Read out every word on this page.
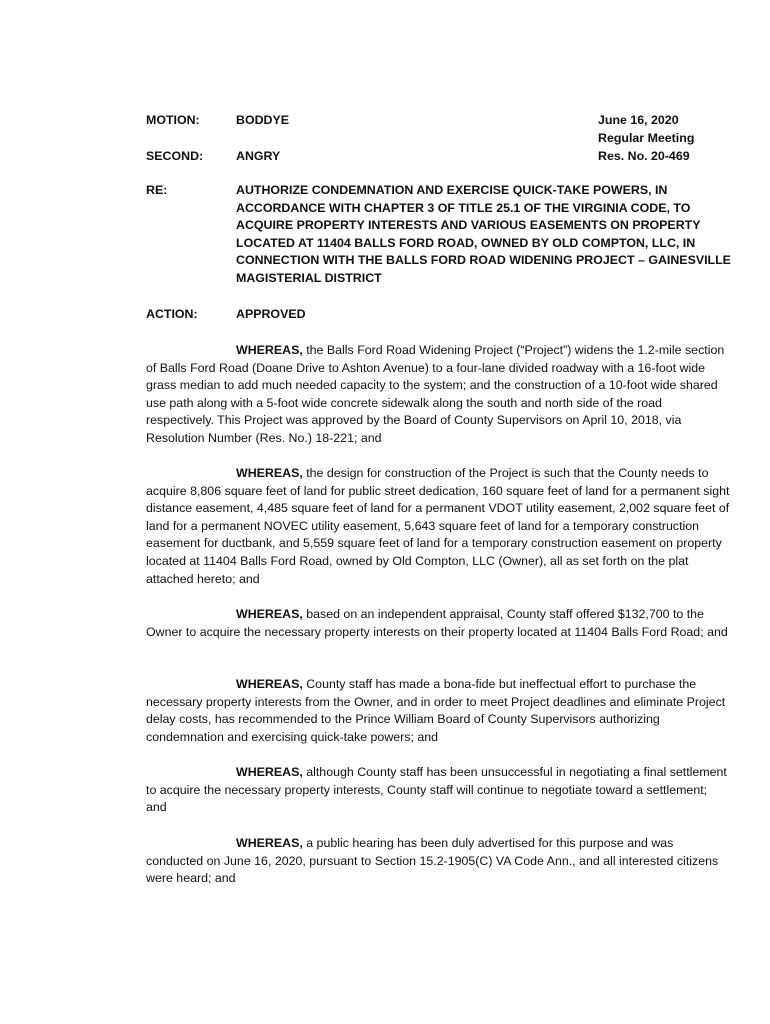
MOTION:	BODDYE	June 16, 2020
Regular Meeting
SECOND:	ANGRY	Res. No. 20-469
RE:	AUTHORIZE CONDEMNATION AND EXERCISE QUICK-TAKE POWERS, IN ACCORDANCE WITH CHAPTER 3 OF TITLE 25.1 OF THE VIRGINIA CODE, TO ACQUIRE PROPERTY INTERESTS AND VARIOUS EASEMENTS ON PROPERTY LOCATED AT 11404 BALLS FORD ROAD, OWNED BY OLD COMPTON, LLC, IN CONNECTION WITH THE BALLS FORD ROAD WIDENING PROJECT – GAINESVILLE MAGISTERIAL DISTRICT
ACTION:	APPROVED
WHEREAS, the Balls Ford Road Widening Project (“Project”) widens the 1.2-mile section of Balls Ford Road (Doane Drive to Ashton Avenue) to a four-lane divided roadway with a 16-foot wide grass median to add much needed capacity to the system; and the construction of a 10-foot wide shared use path along with a 5-foot wide concrete sidewalk along the south and north side of the road respectively. This Project was approved by the Board of County Supervisors on April 10, 2018, via Resolution Number (Res. No.) 18-221; and
WHEREAS, the design for construction of the Project is such that the County needs to acquire 8,806 square feet of land for public street dedication, 160 square feet of land for a permanent sight distance easement, 4,485 square feet of land for a permanent VDOT utility easement, 2,002 square feet of land for a permanent NOVEC utility easement, 5,643 square feet of land for a temporary construction easement for ductbank, and 5,559 square feet of land for a temporary construction easement on property located at 11404 Balls Ford Road, owned by Old Compton, LLC (Owner), all as set forth on the plat attached hereto; and
WHEREAS, based on an independent appraisal, County staff offered $132,700 to the Owner to acquire the necessary property interests on their property located at 11404 Balls Ford Road; and
WHEREAS, County staff has made a bona-fide but ineffectual effort to purchase the necessary property interests from the Owner, and in order to meet Project deadlines and eliminate Project delay costs, has recommended to the Prince William Board of County Supervisors authorizing condemnation and exercising quick-take powers; and
WHEREAS, although County staff has been unsuccessful in negotiating a final settlement to acquire the necessary property interests, County staff will continue to negotiate toward a settlement; and
WHEREAS, a public hearing has been duly advertised for this purpose and was conducted on June 16, 2020, pursuant to Section 15.2-1905(C) VA Code Ann., and all interested citizens were heard; and
